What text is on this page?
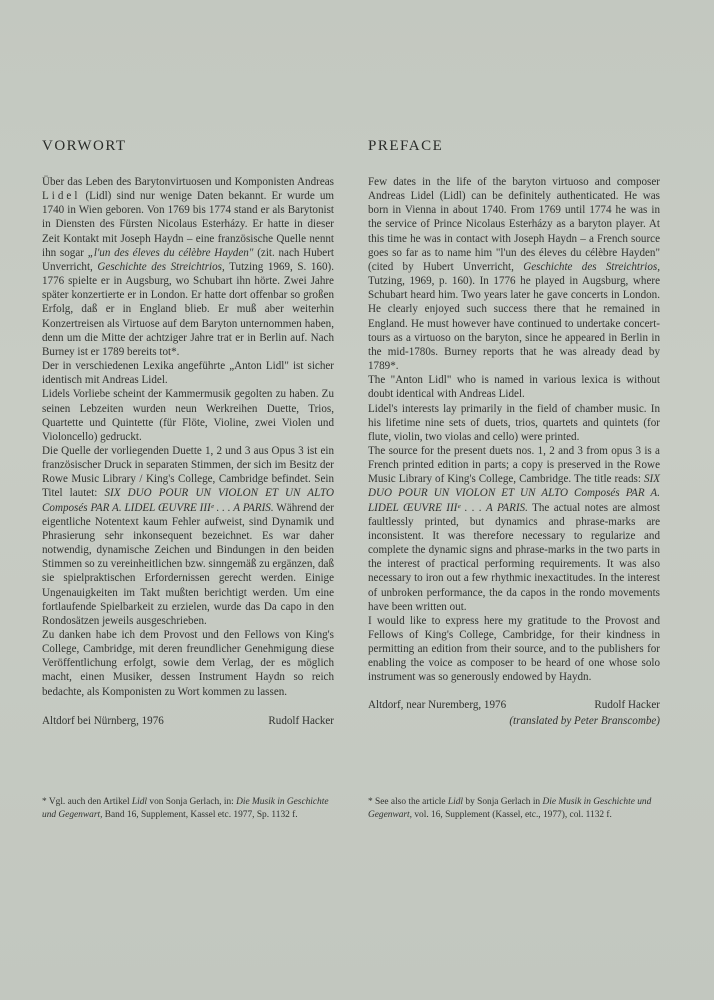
VORWORT

Über das Leben des Barytonvirtuosen und Komponisten Andreas Lidel (Lidl) sind nur wenige Daten bekannt. Er wurde um 1740 in Wien geboren. Von 1769 bis 1774 stand er als Barytonist in Diensten des Fürsten Nicolaus Esterházy. Er hatte in dieser Zeit Kontakt mit Joseph Haydn – eine französische Quelle nennt ihn sogar „l'un des éleves du célèbre Hayden" (zit. nach Hubert Unverricht, Geschichte des Streichtrios, Tutzing 1969, S. 160). 1776 spielte er in Augsburg, wo Schubart ihn hörte. Zwei Jahre später konzertierte er in London. Er hatte dort offenbar so großen Erfolg, daß er in England blieb. Er muß aber weiterhin Konzertreisen als Virtuose auf dem Baryton unternommen haben, denn um die Mitte der achtziger Jahre trat er in Berlin auf. Nach Burney ist er 1789 bereits tot*.

Der in verschiedenen Lexika angeführte „Anton Lidl" ist sicher identisch mit Andreas Lidel.

Lidels Vorliebe scheint der Kammermusik gegolten zu haben. Zu seinen Lebzeiten wurden neun Werkreihen Duette, Trios, Quartette und Quintette (für Flöte, Violine, zwei Violen und Violoncello) gedruckt.

Die Quelle der vorliegenden Duette 1, 2 und 3 aus Opus 3 ist ein französischer Druck in separaten Stimmen, der sich im Besitz der Rowe Music Library / King's College, Cambridge befindet. Sein Titel lautet: SIX DUO POUR UN VIOLON ET UN ALTO Composés PAR A. LIDEL ŒUVRE IIIᵉ . . . A PARIS. Während der eigentliche Notentext kaum Fehler aufweist, sind Dynamik und Phrasierung sehr inkonsequent bezeichnet. Es war daher notwendig, dynamische Zeichen und Bindungen in den beiden Stimmen so zu vereinheitlichen bzw. sinngemäß zu ergänzen, daß sie spielpraktischen Erfordernissen gerecht werden. Einige Ungenauigkeiten im Takt mußten berichtigt werden. Um eine fortlaufende Spielbarkeit zu erzielen, wurde das Da capo in den Rondosätzen jeweils ausgeschrieben.

Zu danken habe ich dem Provost und den Fellows von King's College, Cambridge, mit deren freundlicher Genehmigung diese Veröffentlichung erfolgt, sowie dem Verlag, der es möglich macht, einen Musiker, dessen Instrument Haydn so reich bedachte, als Komponisten zu Wort kommen zu lassen.

Altdorf bei Nürnberg, 1976	Rudolf Hacker
PREFACE

Few dates in the life of the baryton virtuoso and composer Andreas Lidel (Lidl) can be definitely authenticated. He was born in Vienna in about 1740. From 1769 until 1774 he was in the service of Prince Nicolaus Esterházy as a baryton player. At this time he was in contact with Joseph Haydn – a French source goes so far as to name him "l'un des éleves du célèbre Hayden" (cited by Hubert Unverricht, Geschichte des Streichtrios, Tutzing, 1969, p. 160). In 1776 he played in Augsburg, where Schubart heard him. Two years later he gave concerts in London. He clearly enjoyed such success there that he remained in England. He must however have continued to undertake concert-tours as a virtuoso on the baryton, since he appeared in Berlin in the mid-1780s. Burney reports that he was already dead by 1789*.

The "Anton Lidl" who is named in various lexica is without doubt identical with Andreas Lidel.

Lidel's interests lay primarily in the field of chamber music. In his lifetime nine sets of duets, trios, quartets and quintets (for flute, violin, two violas and cello) were printed.

The source for the present duets nos. 1, 2 and 3 from opus 3 is a French printed edition in parts; a copy is preserved in the Rowe Music Library of King's College, Cambridge. The title reads: SIX DUO POUR UN VIOLON ET UN ALTO Composés PAR A. LIDEL ŒUVRE IIIᵉ . . . A PARIS. The actual notes are almost faultlessly printed, but dynamics and phrase-marks are inconsistent. It was therefore necessary to regularize and complete the dynamic signs and phrase-marks in the two parts in the interest of practical performing requirements. It was also necessary to iron out a few rhythmic inexactitudes. In the interest of unbroken performance, the da capos in the rondo movements have been written out.

I would like to express here my gratitude to the Provost and Fellows of King's College, Cambridge, for their kindness in permitting an edition from their source, and to the publishers for enabling the voice as composer to be heard of one whose solo instrument was so generously endowed by Haydn.

Altdorf, near Nuremberg, 1976	Rudolf Hacker
(translated by Peter Branscombe)
* Vgl. auch den Artikel Lidl von Sonja Gerlach, in: Die Musik in Geschichte und Gegenwart, Band 16, Supplement, Kassel etc. 1977, Sp. 1132 f.
* See also the article Lidl by Sonja Gerlach in Die Musik in Geschichte und Gegenwart, vol. 16, Supplement (Kassel, etc., 1977), col. 1132 f.
